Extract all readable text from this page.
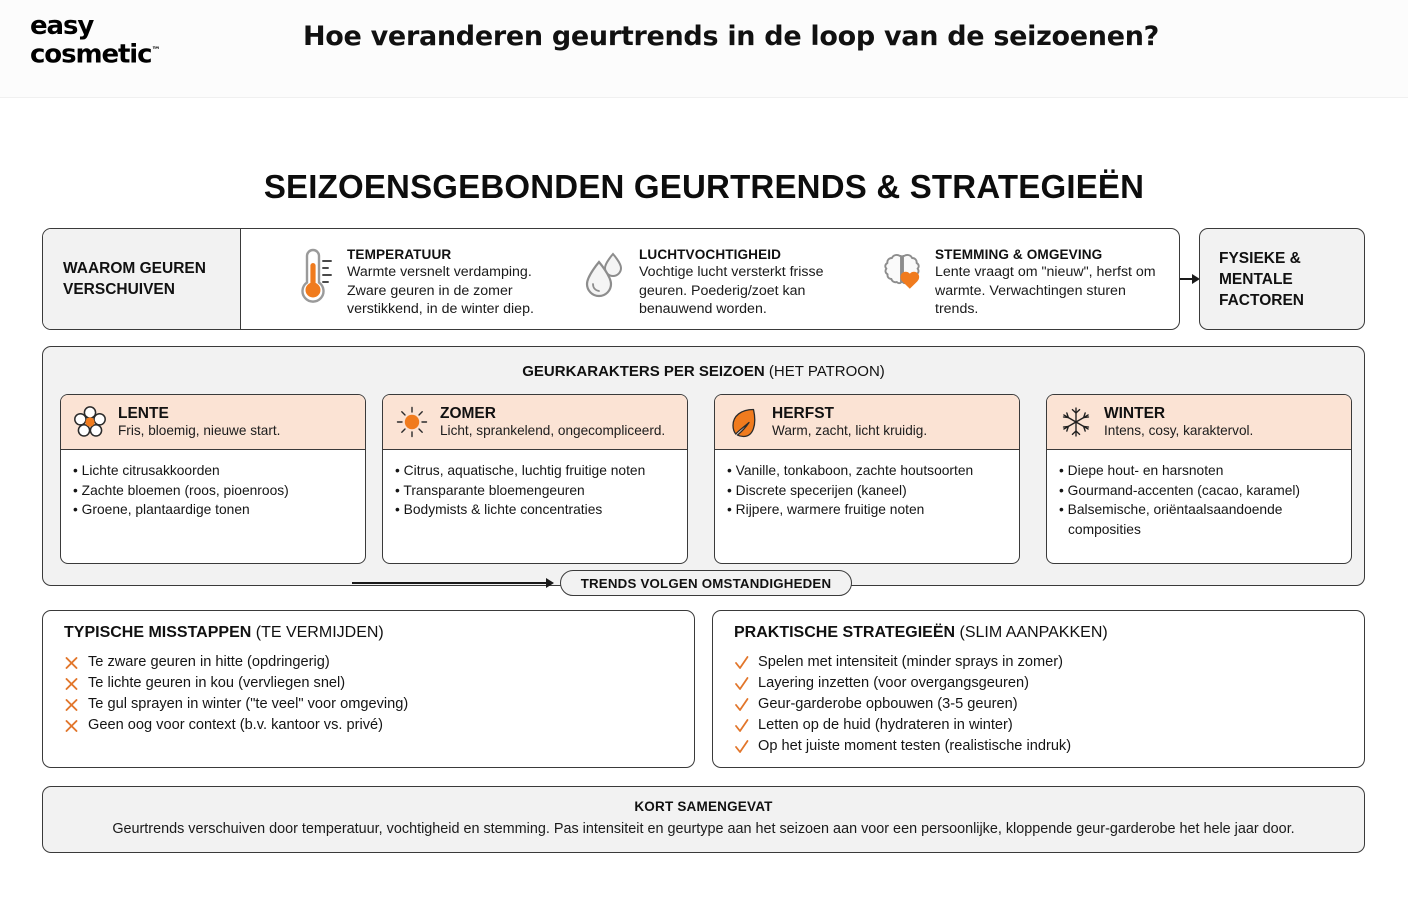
easy
cosmetic™	Hoe veranderen geurtrends in de loop van de seizoenen?
SEIZOENSGEBONDEN GEURTRENDS & STRATEGIEËN
WAAROM GEUREN VERSCHUIVEN
TEMPERATUUR
Warmte versnelt verdamping. Zware geuren in de zomer verstikkend, in de winter diep.
LUCHTVOCHTIGHEID
Vochtige lucht versterkt frisse geuren. Poederig/zoet kan benauwend worden.
STEMMING & OMGEVING
Lente vraagt om "nieuw", herfst om warmte. Verwachtingen sturen trends.
FYSIEKE & MENTALE FACTOREN
GEURKARAKTERS PER SEIZOEN (HET PATROON)
LENTE
Fris, bloemig, nieuwe start.
• Lichte citrusakkoorden
• Zachte bloemen (roos, pioenroos)
• Groene, plantaardige tonen
ZOMER
Licht, sprankelend, ongecompliceerd.
• Citrus, aquatische, luchtig fruitige noten
• Transparante bloemengeuren
• Bodymists & lichte concentraties
HERFST
Warm, zacht, licht kruidig.
• Vanille, tonkaboon, zachte houtsoorten
• Discrete specerijen (kaneel)
• Rijpere, warmere fruitige noten
WINTER
Intens, cosy, karaktervol.
• Diepe hout- en harsnoten
• Gourmand-accenten (cacao, karamel)
• Balsemische, oriëntaalsaandoende composities
TRENDS VOLGEN OMSTANDIGHEDEN
TYPISCHE MISSTAPPEN (TE VERMIJDEN)
Te zware geuren in hitte (opdringerig)
Te lichte geuren in kou (vervliegen snel)
Te gul sprayen in winter ("te veel" voor omgeving)
Geen oog voor context (b.v. kantoor vs. privé)
PRAKTISCHE STRATEGIEËN (SLIM AANPAKKEN)
Spelen met intensiteit (minder sprays in zomer)
Layering inzetten (voor overgangsgeuren)
Geur-garderobe opbouwen (3-5 geuren)
Letten op de huid (hydrateren in winter)
Op het juiste moment testen (realistische indruk)
KORT SAMENGEVAT
Geurtrends verschuiven door temperatuur, vochtigheid en stemming. Pas intensiteit en geurtype aan het seizoen aan voor een persoonlijke, kloppende geur-garderobe het hele jaar door.
